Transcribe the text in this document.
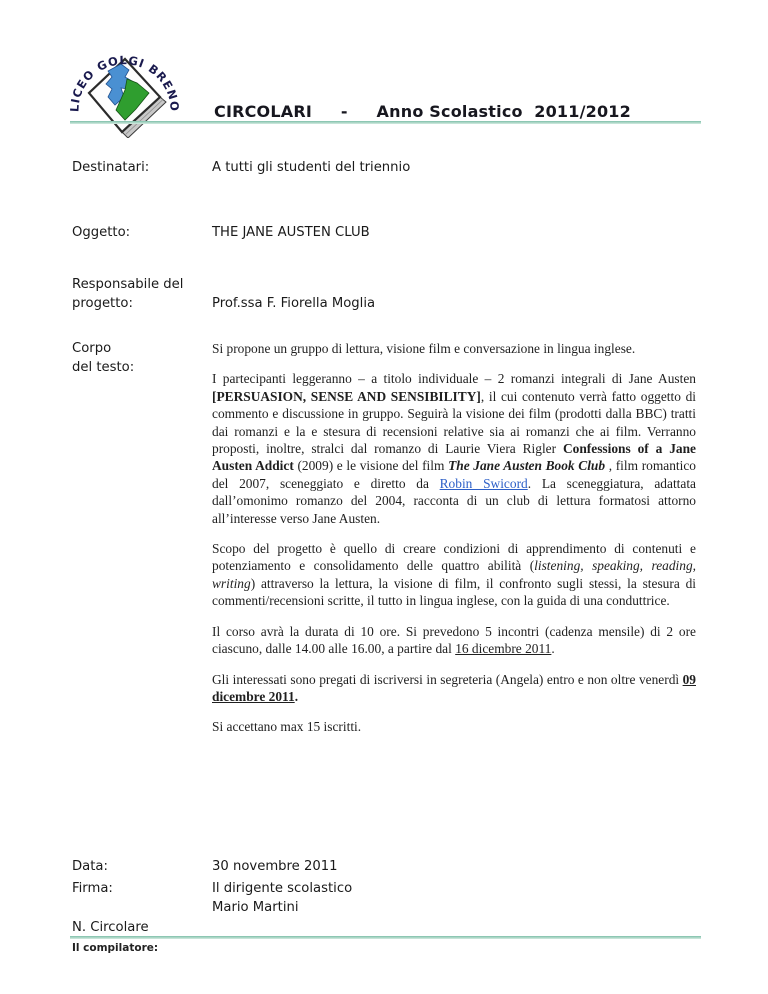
LICEO GOLGI BRENO CIRCOLARI     -     Anno Scolastico  2011/2012
Destinatari:	A tutti gli studenti del triennio
Oggetto:	THE JANE AUSTEN CLUB
Responsabile del
progetto:	Prof.ssa F. Fiorella Moglia
Corpo
del testo:

Si propone un gruppo di lettura, visione film e conversazione in lingua inglese.

I partecipanti leggeranno – a titolo individuale – 2 romanzi integrali di Jane Austen [PERSUASION, SENSE AND SENSIBILITY], il cui contenuto verrà fatto oggetto di commento e discussione in gruppo. Seguirà la visione dei film (prodotti dalla BBC) tratti dai romanzi e la e stesura di recensioni relative sia ai romanzi che ai film. Verranno proposti, inoltre, stralci dal romanzo di Laurie Viera Rigler Confessions of a Jane Austen Addict (2009) e le visione del film The Jane Austen Book Club , film romantico del 2007, sceneggiato e diretto da Robin Swicord. La sceneggiatura, adattata dall’omonimo romanzo del 2004, racconta di un club di lettura formatosi attorno all’interesse verso Jane Austen.

Scopo del progetto è quello di creare condizioni di apprendimento di contenuti e potenziamento e consolidamento delle quattro abilità (listening, speaking, reading, writing) attraverso la lettura, la visione di film, il confronto sugli stessi, la stesura di commenti/recensioni scritte, il tutto in lingua inglese, con la guida di una conduttrice.

Il corso avrà la durata di 10 ore. Si prevedono 5 incontri (cadenza mensile) di 2 ore ciascuno, dalle 14.00 alle 16.00, a partire dal 16 dicembre 2011.

Gli interessati sono pregati di iscriversi in segreteria (Angela) entro e non oltre venerdì 09 dicembre 2011.

Si accettano max 15 iscritti.

Data:	30 novembre 2011
Firma:	Il dirigente scolastico
Mario Martini
N. Circolare
Il compilatore:
